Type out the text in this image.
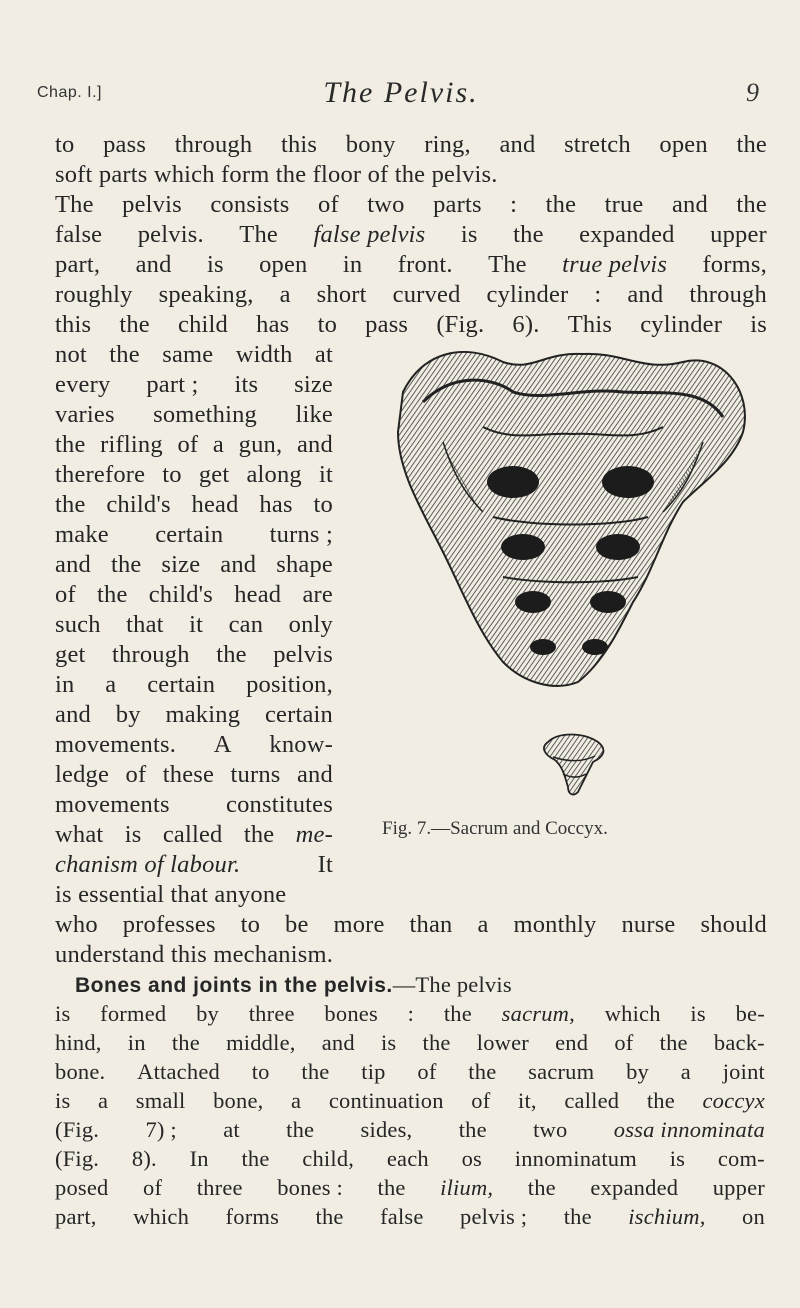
Chap. I.]	The Pelvis.	9
to pass through this bony ring, and stretch open the
soft parts which form the floor of the pelvis.
The pelvis consists of two parts : the true and the
false pelvis. The false pelvis is the expanded upper
part, and is open in front. The true pelvis forms,
roughly speaking, a short curved cylinder : and through
this the child has to pass (Fig. 6). This cylinder is
not the same width at
every part ; its size
varies something like
the rifling of a gun, and
therefore to get along it
the child's head has to
make certain turns ;
and the size and shape
of the child's head are
such that it can only
get through the pelvis
in a certain position,
and by making certain
movements. A know-
ledge of these turns and
movements constitutes
what is called the me-
chanism of labour.	It
is essential that anyone
who professes to be more than a monthly nurse should
understand this mechanism.
Bones and joints in the pelvis.—The pelvis
is formed by three bones : the sacrum, which is be-
hind, in the middle, and is the lower end of the back-
bone. Attached to the tip of the sacrum by a joint
is a small bone, a continuation of it, called the coccyx
(Fig. 7) ; at the sides, the two ossa innominata
(Fig. 8). In the child, each os innominatum is com-
posed of three bones : the ilium, the expanded upper
part, which forms the false pelvis ; the ischium, on
Fig. 7.—Sacrum and Coccyx.
